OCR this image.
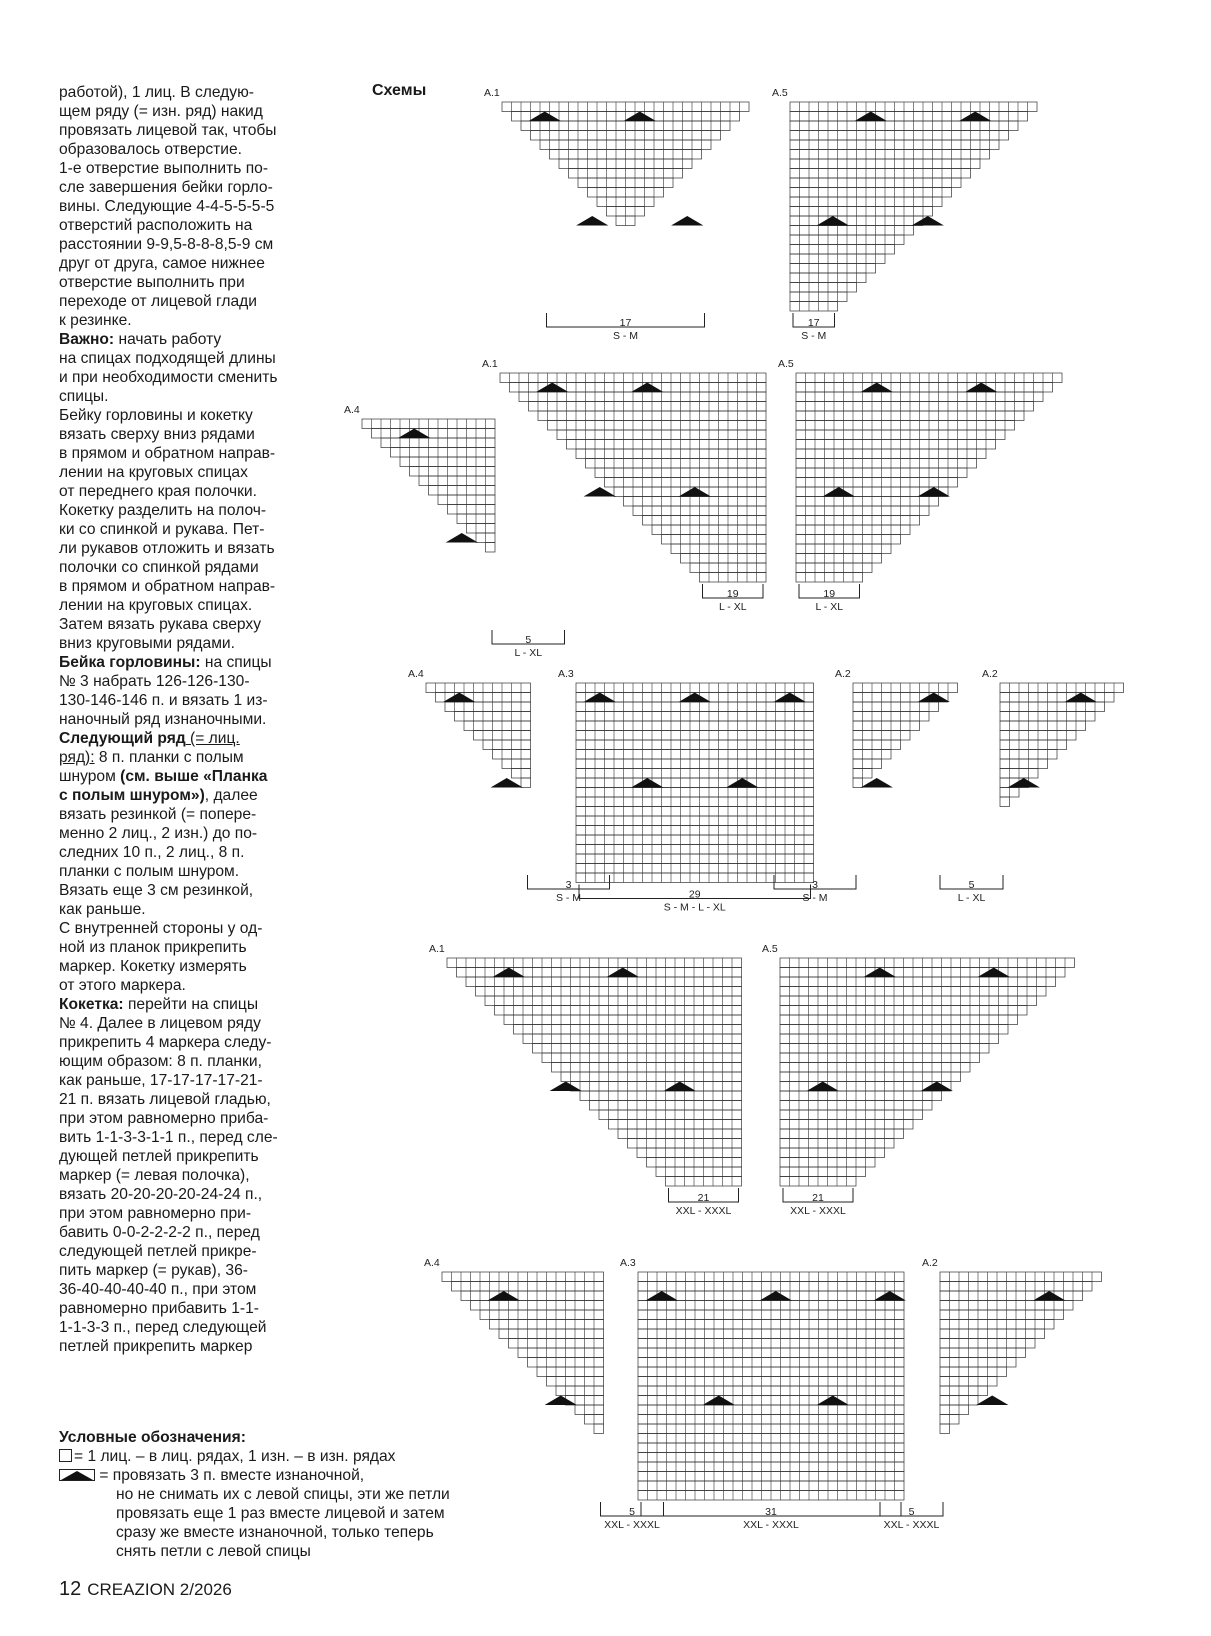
работой), 1 лиц. В следую-
щем ряду (= изн. ряд) накид
провязать лицевой так, чтобы
образовалось отверстие.
1-е отверстие выполнить по-
сле завершения бейки горло-
вины. Следующие 4-4-5-5-5-5
отверстий расположить на
расстоянии 9-9,5-8-8-8,5-9 см
друг от друга, самое нижнее
отверстие выполнить при
переходе от лицевой глади
к резинке.
Важно: начать работу
на спицах подходящей длины
и при необходимости сменить
спицы.
Бейку горловины и кокетку
вязать сверху вниз рядами
в прямом и обратном направ-
лении на круговых спицах
от переднего края полочки.
Кокетку разделить на полоч-
ки со спинкой и рукава. Пет-
ли рукавов отложить и вязать
полочки со спинкой рядами
в прямом и обратном направ-
лении на круговых спицах.
Затем вязать рукава сверху
вниз круговыми рядами.
Бейка горловины: на спицы
№ 3 набрать 126-126-130-
130-146-146 п. и вязать 1 из-
наночный ряд изнаночными.
Следующий ряд (= лиц.
ряд): 8 п. планки с полым
шнуром (см. выше «Планка
с полым шнуром»), далее
вязать резинкой (= попере-
менно 2 лиц., 2 изн.) до по-
следних 10 п., 2 лиц., 8 п.
планки с полым шнуром.
Вязать еще 3 см резинкой,
как раньше.
С внутренней стороны у од-
ной из планок прикрепить
маркер. Кокетку измерять
от этого маркера.
Кокетка: перейти на спицы
№ 4. Далее в лицевом ряду
прикрепить 4 маркера следу-
ющим образом: 8 п. планки,
как раньше, 17-17-17-17-21-
21 п. вязать лицевой гладью,
при этом равномерно приба-
вить 1-1-3-3-1-1 п., перед сле-
дующей петлей прикрепить
маркер (= левая полочка),
вязать 20-20-20-20-24-24 п.,
при этом равномерно при-
бавить 0-0-2-2-2-2 п., перед
следующей петлей прикре-
пить маркер (= рукав), 36-
36-40-40-40-40 п., при этом
равномерно прибавить 1-1-
1-1-3-3 п., перед следующей
петлей прикрепить маркер
Схемы	A.1
17
S - M
A.5
17
S - M
A.4
5
L - XL
A.1
19
L - XL
A.5
19
L - XL
A.4
3
S - M
A.3
29
S - M - L - XL
A.2
3
S - M
A.2
5
L - XL
A.1
21
XXL - XXXL
A.5
21
XXL - XXXL
A.4
5
XXL - XXXL
A.3
31
XXL - XXXL
A.2
5
XXL - XXXL
Условные обозначения:
= 1 лиц. – в лиц. рядах, 1 изн. – в изн. рядах
= провязать 3 п. вместе изнаночной,
но не снимать их с левой спицы, эти же петли
провязать еще 1 раз вместе лицевой и затем
сразу же вместе изнаночной, только теперь
снять петли с левой спицы
12 CREAZION 2/2026
